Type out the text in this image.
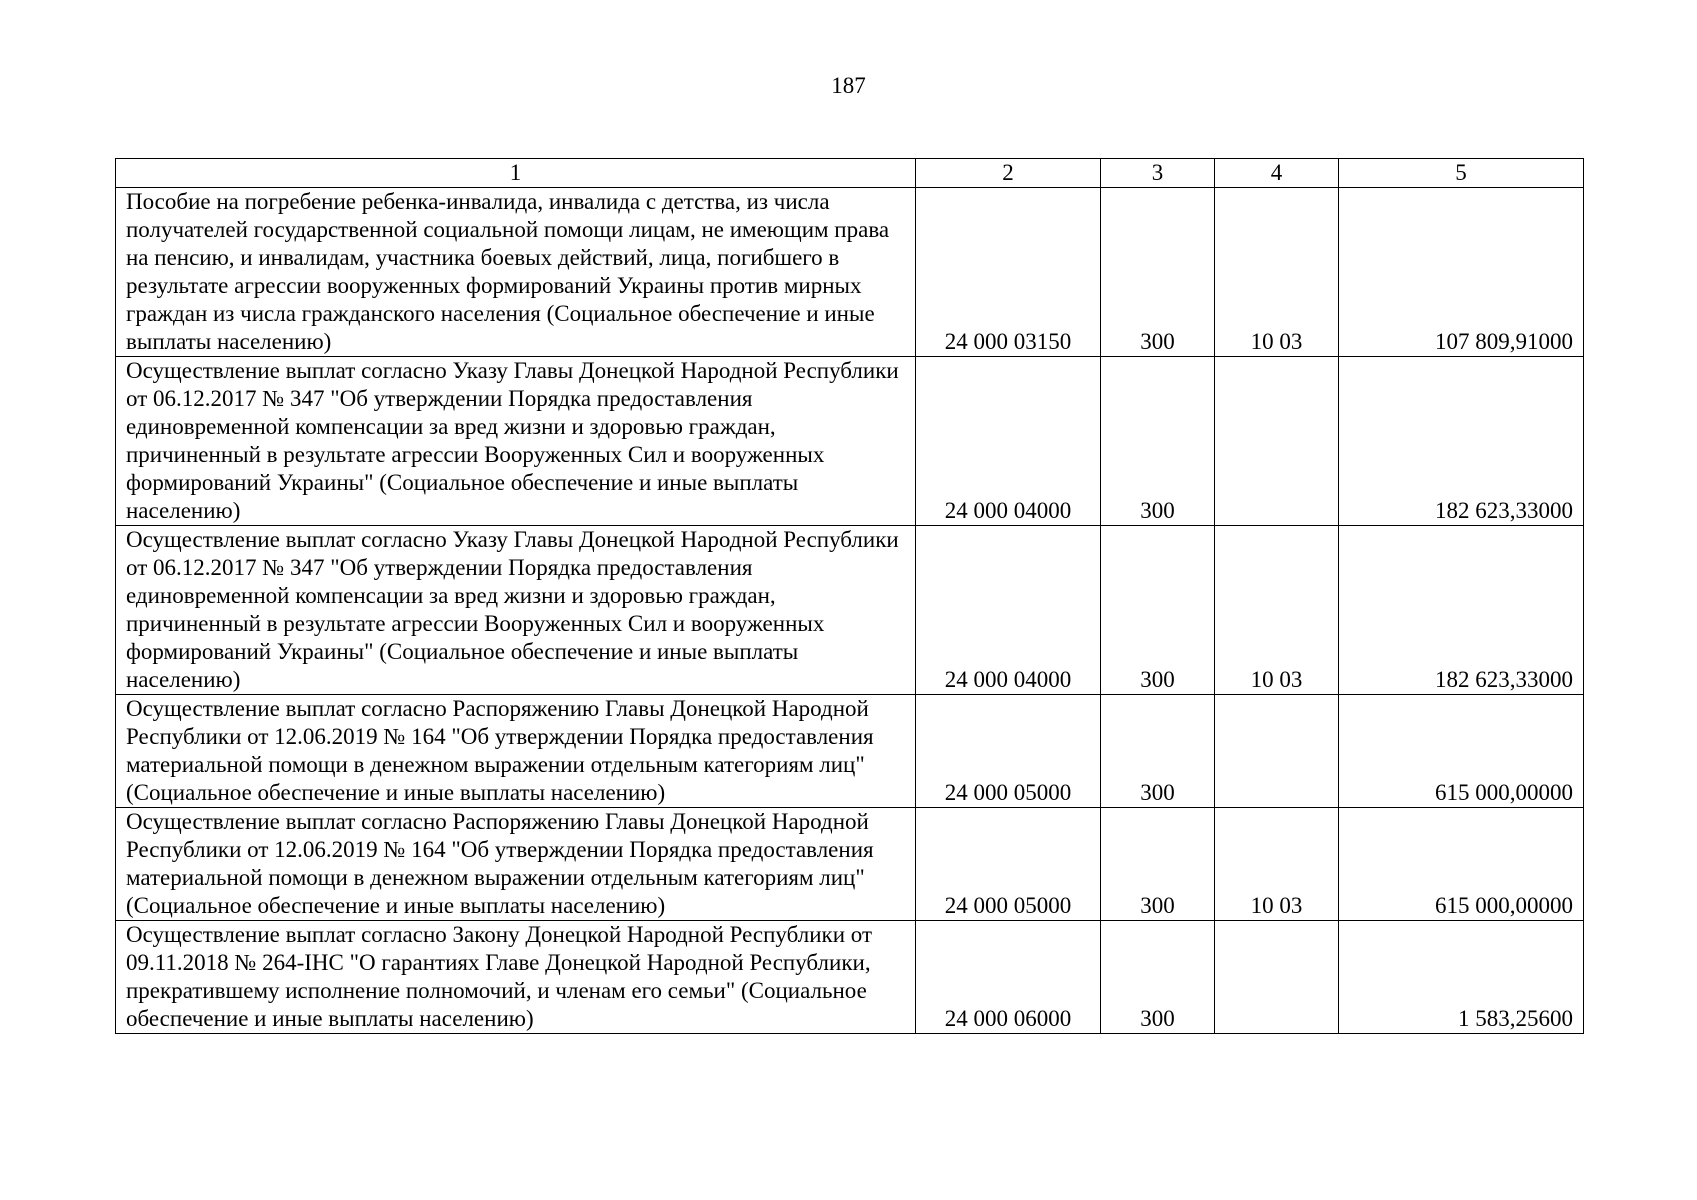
187
1	2	3	4	5
Пособие на погребение ребенка-инвалида, инвалида с детства, из числа получателей государственной социальной помощи лицам, не имеющим права на пенсию, и инвалидам, участника боевых действий, лица, погибшего в результате агрессии вооруженных формирований Украины против мирных граждан из числа гражданского населения (Социальное обеспечение и иные выплаты населению)	24 000 03150	300	10 03	107 809,91000
Осуществление выплат согласно Указу Главы Донецкой Народной Республики от 06.12.2017 № 347 "Об утверждении Порядка предоставления единовременной компенсации за вред жизни и здоровью граждан, причиненный в результате агрессии Вооруженных Сил и вооруженных формирований Украины" (Социальное обеспечение и иные выплаты населению)	24 000 04000	300		182 623,33000
Осуществление выплат согласно Указу Главы Донецкой Народной Республики от 06.12.2017 № 347 "Об утверждении Порядка предоставления единовременной компенсации за вред жизни и здоровью граждан, причиненный в результате агрессии Вооруженных Сил и вооруженных формирований Украины" (Социальное обеспечение и иные выплаты населению)	24 000 04000	300	10 03	182 623,33000
Осуществление выплат согласно Распоряжению Главы Донецкой Народной Республики от 12.06.2019 № 164 "Об утверждении Порядка предоставления материальной помощи в денежном выражении отдельным категориям лиц" (Социальное обеспечение и иные выплаты населению)	24 000 05000	300		615 000,00000
Осуществление выплат согласно Распоряжению Главы Донецкой Народной Республики от 12.06.2019 № 164 "Об утверждении Порядка предоставления материальной помощи в денежном выражении отдельным категориям лиц" (Социальное обеспечение и иные выплаты населению)	24 000 05000	300	10 03	615 000,00000
Осуществление выплат согласно Закону Донецкой Народной Республики от 09.11.2018 № 264-IНС "О гарантиях Главе Донецкой Народной Республики, прекратившему исполнение полномочий, и членам его семьи" (Социальное обеспечение и иные выплаты населению)	24 000 06000	300		1 583,25600
